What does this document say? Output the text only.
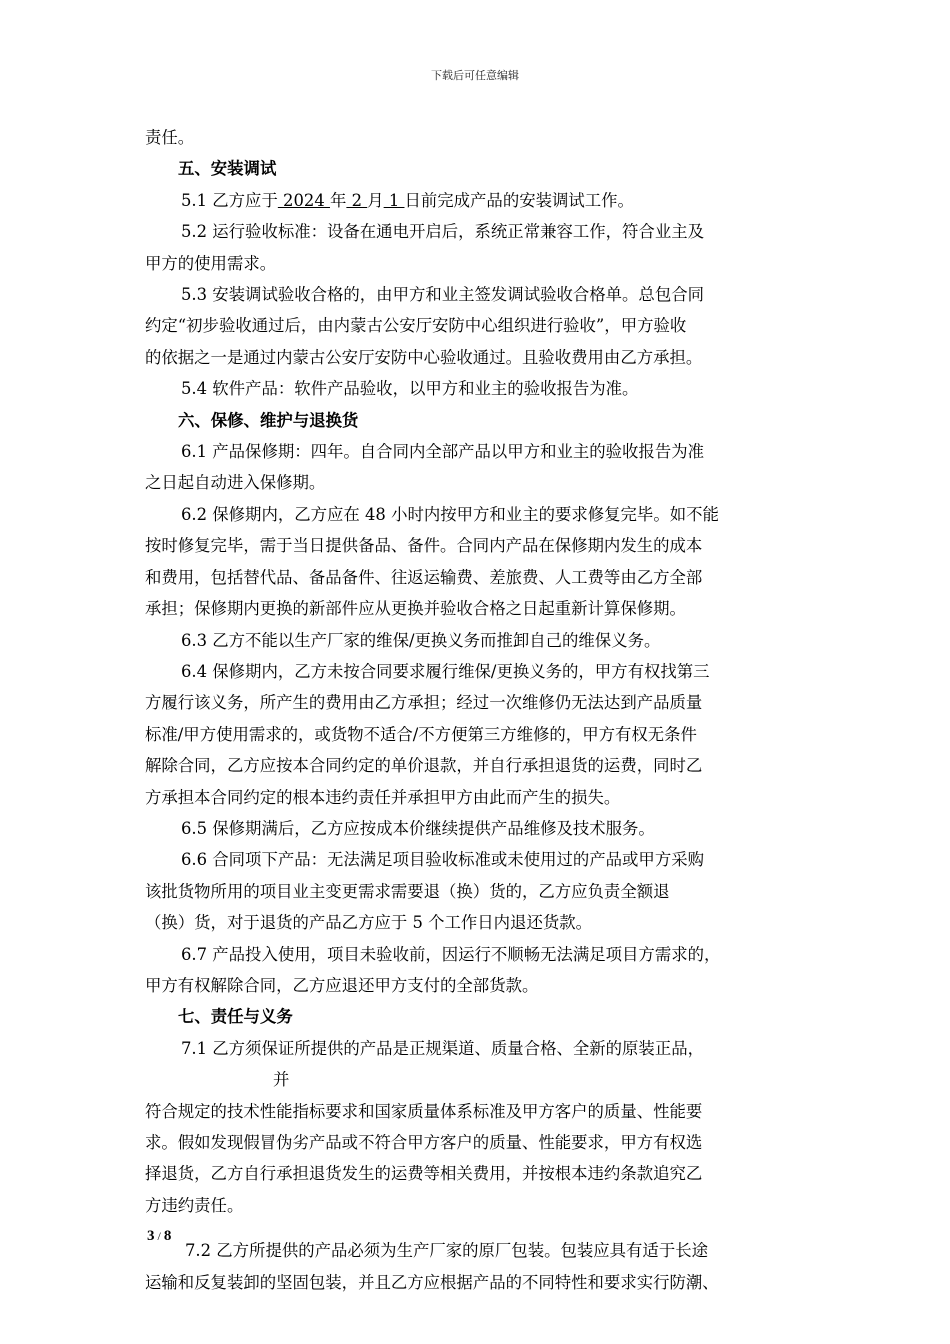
下载后可任意编辑
责任。
五、安装调试
5.1 乙方应于 2024 年 2 月 1 日前完成产品的安装调试工作。
5.2 运行验收标准：设备在通电开启后，系统正常兼容工作，符合业主及
甲方的使用需求。
5.3 安装调试验收合格的，由甲方和业主签发调试验收合格单。总包合同
约定“初步验收通过后，由内蒙古公安厅安防中心组织进行验收”，甲方验收
的依据之一是通过内蒙古公安厅安防中心验收通过。且验收费用由乙方承担。
5.4 软件产品：软件产品验收，以甲方和业主的验收报告为准。
六、保修、维护与退换货
6.1 产品保修期：四年。自合同内全部产品以甲方和业主的验收报告为准
之日起自动进入保修期。
6.2 保修期内，乙方应在 48 小时内按甲方和业主的要求修复完毕。如不能
按时修复完毕，需于当日提供备品、备件。合同内产品在保修期内发生的成本
和费用，包括替代品、备品备件、往返运输费、差旅费、人工费等由乙方全部
承担；保修期内更换的新部件应从更换并验收合格之日起重新计算保修期。
6.3 乙方不能以生产厂家的维保/更换义务而推卸自己的维保义务。
6.4 保修期内，乙方未按合同要求履行维保/更换义务的，甲方有权找第三
方履行该义务，所产生的费用由乙方承担；经过一次维修仍无法达到产品质量
标准/甲方使用需求的，或货物不适合/不方便第三方维修的，甲方有权无条件
解除合同，乙方应按本合同约定的单价退款，并自行承担退货的运费，同时乙
方承担本合同约定的根本违约责任并承担甲方由此而产生的损失。
6.5 保修期满后，乙方应按成本价继续提供产品维修及技术服务。
6.6 合同项下产品：无法满足项目验收标准或未使用过的产品或甲方采购
该批货物所用的项目业主变更需求需要退（换）货的，乙方应负责全额退
（换）货，对于退货的产品乙方应于 5 个工作日内退还货款。
6.7 产品投入使用，项目未验收前，因运行不顺畅无法满足项目方需求的，
甲方有权解除合同，乙方应退还甲方支付的全部货款。
七、责任与义务
7.1 乙方须保证所提供的产品是正规渠道、质量合格、全新的原装正品，
并
符合规定的技术性能指标要求和国家质量体系标准及甲方客户的质量、性能要
求。假如发现假冒伪劣产品或不符合甲方客户的质量、性能要求，甲方有权选
择退货，乙方自行承担退货发生的运费等相关费用，并按根本违约条款追究乙
方违约责任。
7.2 乙方所提供的产品必须为生产厂家的原厂包装。包装应具有适于长途
运输和反复装卸的坚固包装，并且乙方应根据产品的不同特性和要求实行防潮、
3 / 8
